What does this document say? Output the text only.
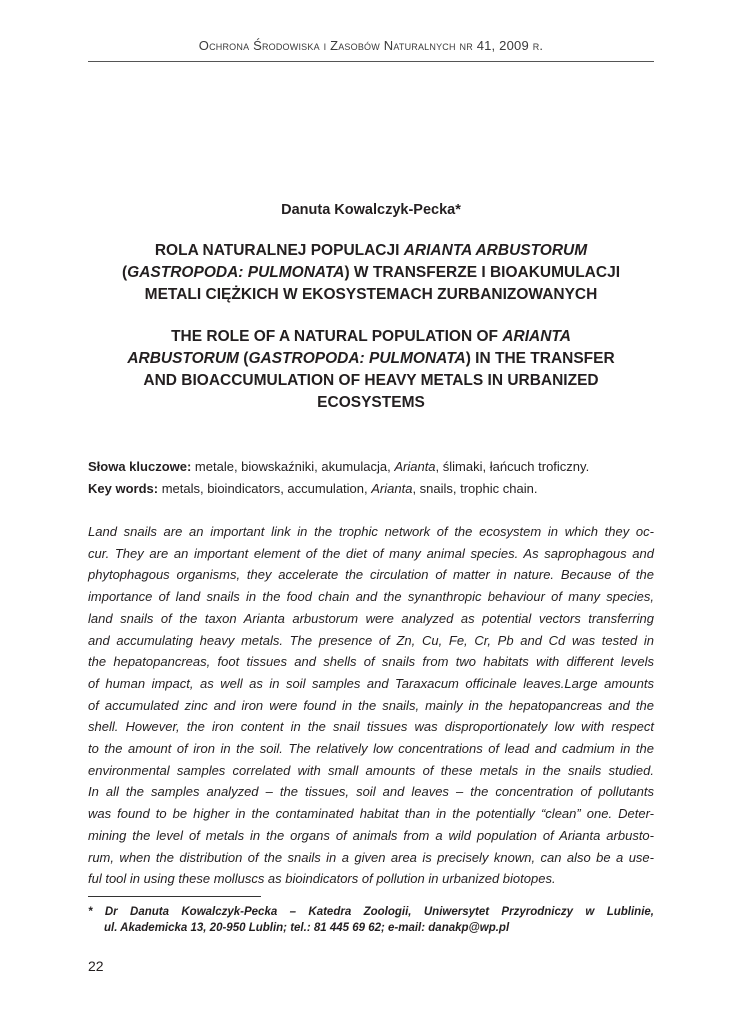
Ochrona Środowiska i Zasobów Naturalnych nr 41, 2009 r.
Danuta Kowalczyk-Pecka*
ROLA NATURALNEJ POPULACJI ARIANTA ARBUSTORUM
(GASTROPODA: PULMONATA) W TRANSFERZE I BIOAKUMULACJI
METALI CIĘŻKICH W EKOSYSTEMACH ZURBANIZOWANYCH
THE ROLE OF A NATURAL POPULATION OF ARIANTA
ARBUSTORUM (GASTROPODA: PULMONATA) IN THE TRANSFER
AND BIOACCUMULATION OF HEAVY METALS IN URBANIZED
ECOSYSTEMS
Słowa kluczowe: metale, biowskaźniki, akumulacja, Arianta, ślimaki, łańcuch troficzny.
Key words: metals, bioindicators, accumulation, Arianta, snails, trophic chain.
Land snails are an important link in the trophic network of the ecosystem in which they oc-
cur. They are an important element of the diet of many animal species. As saprophagous and
phytophagous organisms, they accelerate the circulation of matter in nature. Because of the
importance of land snails in the food chain and the synanthropic behaviour of many species,
land snails of the taxon Arianta arbustorum were analyzed as potential vectors transferring
and accumulating heavy metals. The presence of Zn, Cu, Fe, Cr, Pb and Cd was tested in
the hepatopancreas, foot tissues and shells of snails from two habitats with different levels
of human impact, as well as in soil samples and Taraxacum officinale leaves.Large amounts
of accumulated zinc and iron were found in the snails, mainly in the hepatopancreas and the
shell. However, the iron content in the snail tissues was disproportionately low with respect
to the amount of iron in the soil. The relatively low concentrations of lead and cadmium in the
environmental samples correlated with small amounts of these metals in the snails studied.
In all the samples analyzed – the tissues, soil and leaves – the concentration of pollutants
was found to be higher in the contaminated habitat than in the potentially “clean” one. Deter-
mining the level of metals in the organs of animals from a wild population of Arianta arbusto-
rum, when the distribution of the snails in a given area is precisely known, can also be a use-
ful tool in using these molluscs as bioindicators of pollution in urbanized biotopes.
* Dr Danuta Kowalczyk-Pecka – Katedra Zoologii, Uniwersytet Przyrodniczy w Lublinie,
ul. Akademicka 13, 20-950 Lublin; tel.: 81 445 69 62; e-mail: danakp@wp.pl
22
